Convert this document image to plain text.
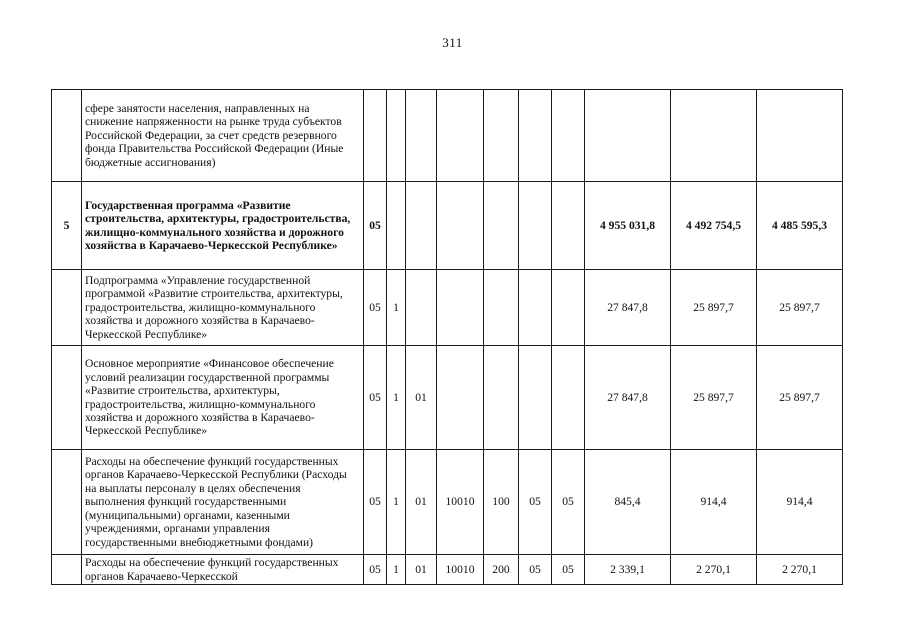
311
	сфере занятости населения, направленных на снижение напряженности на рынке труда субъектов Российской Федерации, за счет средств резервного фонда Правительства Российской Федерации (Иные бюджетные ассигнования)										
5	Государственная программа «Развитие строительства, архитектуры, градостроительства, жилищно-коммунального хозяйства и дорожного хозяйства в Карачаево-Черкесской Республике»	05							4 955 031,8	4 492 754,5	4 485 595,3
	Подпрограмма «Управление государственной программой «Развитие строительства, архитектуры, градостроительства, жилищно-коммунального хозяйства и дорожного хозяйства в Карачаево-Черкесской Республике»	05	1						27 847,8	25 897,7	25 897,7
	Основное мероприятие «Финансовое обеспечение условий реализации государственной программы «Развитие строительства, архитектуры, градостроительства, жилищно-коммунального хозяйства и дорожного хозяйства в Карачаево-Черкесской Республике»	05	1	01					27 847,8	25 897,7	25 897,7
	Расходы на обеспечение функций государственных органов Карачаево-Черкесской Республики (Расходы на выплаты персоналу в целях обеспечения выполнения функций государственными (муниципальными) органами, казенными учреждениями, органами управления государственными внебюджетными фондами)	05	1	01	10010	100	05	05	845,4	914,4	914,4
	Расходы на обеспечение функций государственных органов Карачаево-Черкесской	05	1	01	10010	200	05	05	2 339,1	2 270,1	2 270,1
